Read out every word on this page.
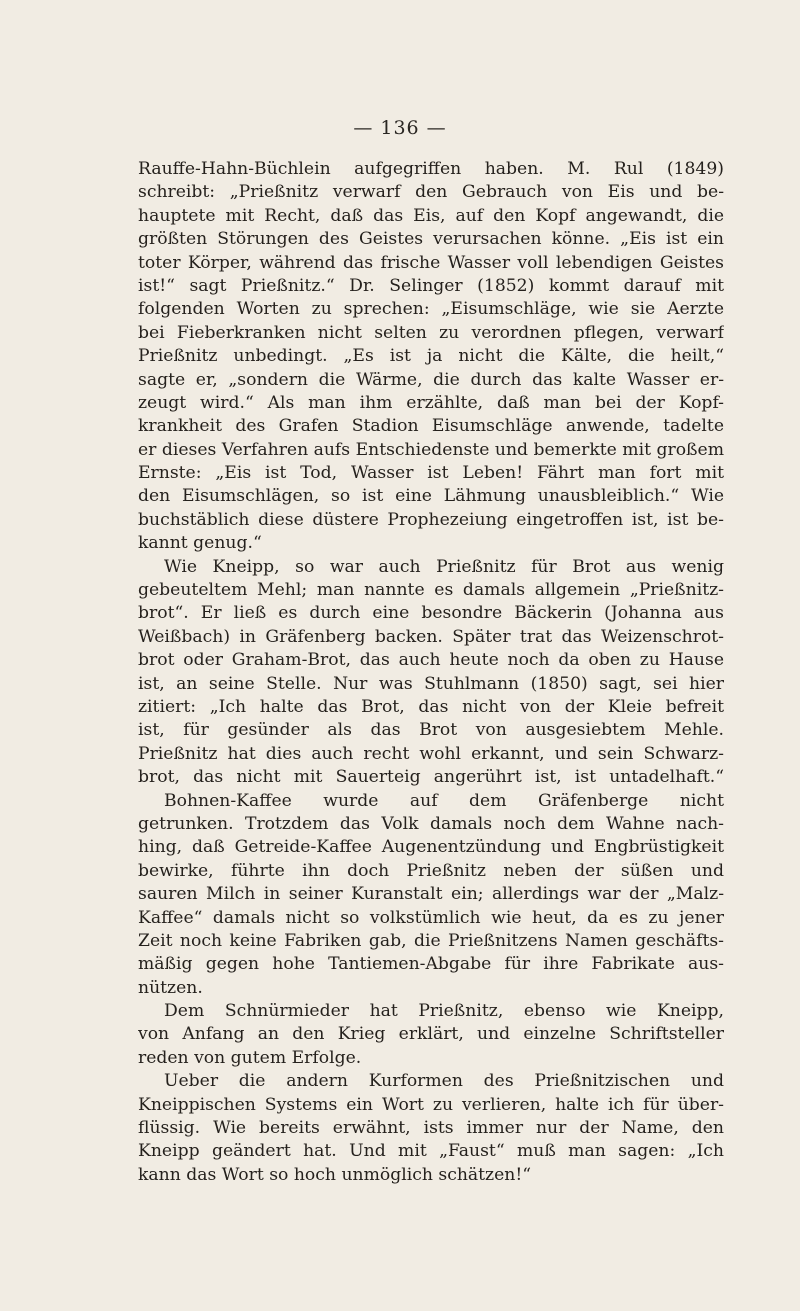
— 136 —
Rauffe-Hahn-Büchlein aufgegriffen haben. M. Rul (1849)
schreibt: „Prießnitz verwarf den Gebrauch von Eis und be-
hauptete mit Recht, daß das Eis, auf den Kopf angewandt, die
größten Störungen des Geistes verursachen könne. „Eis ist ein
toter Körper, während das frische Wasser voll lebendigen Geistes
ist!“ sagt Prießnitz.“ Dr. Selinger (1852) kommt darauf mit
folgenden Worten zu sprechen: „Eisumschläge, wie sie Aerzte
bei Fieberkranken nicht selten zu verordnen pflegen, verwarf
Prießnitz unbedingt. „Es ist ja nicht die Kälte, die heilt,“
sagte er, „sondern die Wärme, die durch das kalte Wasser er-
zeugt wird.“ Als man ihm erzählte, daß man bei der Kopf-
krankheit des Grafen Stadion Eisumschläge anwende, tadelte
er dieses Verfahren aufs Entschiedenste und bemerkte mit großem
Ernste: „Eis ist Tod, Wasser ist Leben! Fährt man fort mit
den Eisumschlägen, so ist eine Lähmung unausbleiblich.“ Wie
buchstäblich diese düstere Prophezeiung eingetroffen ist, ist be-
kannt genug.“
Wie Kneipp, so war auch Prießnitz für Brot aus wenig
gebeuteltem Mehl; man nannte es damals allgemein „Prießnitz-
brot“. Er ließ es durch eine besondre Bäckerin (Johanna aus
Weißbach) in Gräfenberg backen. Später trat das Weizenschrot-
brot oder Graham-Brot, das auch heute noch da oben zu Hause
ist, an seine Stelle. Nur was Stuhlmann (1850) sagt, sei hier
zitiert: „Ich halte das Brot, das nicht von der Kleie befreit
ist, für gesünder als das Brot von ausgesiebtem Mehle.
Prießnitz hat dies auch recht wohl erkannt, und sein Schwarz-
brot, das nicht mit Sauerteig angerührt ist, ist untadelhaft.“
Bohnen-Kaffee wurde auf dem Gräfenberge nicht
getrunken. Trotzdem das Volk damals noch dem Wahne nach-
hing, daß Getreide-Kaffee Augenentzündung und Engbrüstigkeit
bewirke, führte ihn doch Prießnitz neben der süßen und
sauren Milch in seiner Kuranstalt ein; allerdings war der „Malz-
Kaffee“ damals nicht so volkstümlich wie heut, da es zu jener
Zeit noch keine Fabriken gab, die Prießnitzens Namen geschäfts-
mäßig gegen hohe Tantiemen-Abgabe für ihre Fabrikate aus-
nützen.
Dem Schnürmieder hat Prießnitz, ebenso wie Kneipp,
von Anfang an den Krieg erklärt, und einzelne Schriftsteller
reden von gutem Erfolge.
Ueber die andern Kurformen des Prießnitzischen und
Kneippischen Systems ein Wort zu verlieren, halte ich für über-
flüssig. Wie bereits erwähnt, ists immer nur der Name, den
Kneipp geändert hat. Und mit „Faust“ muß man sagen: „Ich
kann das Wort so hoch unmöglich schätzen!“
